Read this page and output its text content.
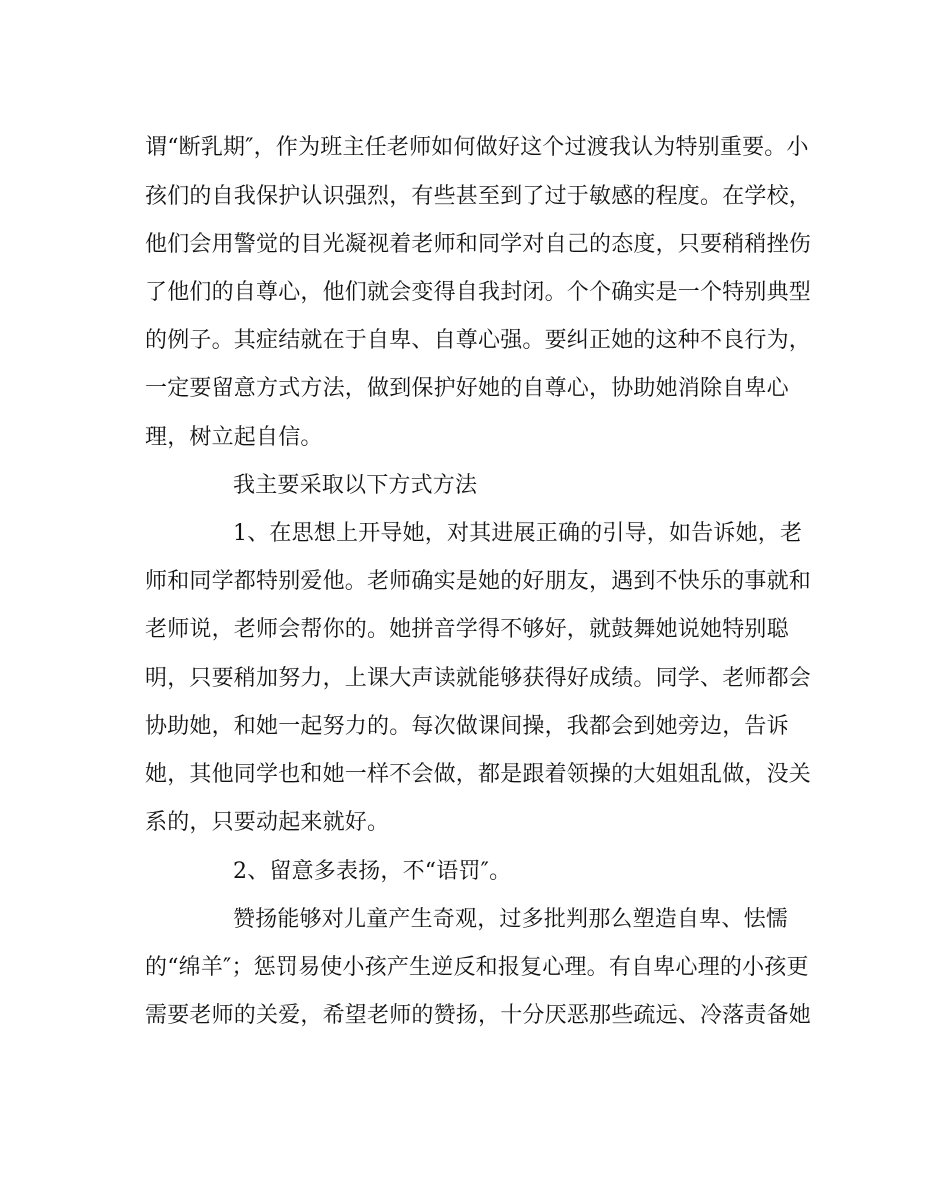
谓“断乳期″，作为班主任老师如何做好这个过渡我认为特别重要。小
孩们的自我保护认识强烈，有些甚至到了过于敏感的程度。在学校，
他们会用警觉的目光凝视着老师和同学对自己的态度，只要稍稍挫伤
了他们的自尊心，他们就会变得自我封闭。个个确实是一个特别典型
的例子。其症结就在于自卑、自尊心强。要纠正她的这种不良行为，
一定要留意方式方法，做到保护好她的自尊心，协助她消除自卑心
理，树立起自信。
我主要采取以下方式方法
1、在思想上开导她，对其进展正确的引导，如告诉她，老
师和同学都特别爱他。老师确实是她的好朋友，遇到不快乐的事就和
老师说，老师会帮你的。她拼音学得不够好，就鼓舞她说她特别聪
明，只要稍加努力，上课大声读就能够获得好成绩。同学、老师都会
协助她，和她一起努力的。每次做课间操，我都会到她旁边，告诉
她，其他同学也和她一样不会做，都是跟着领操的大姐姐乱做，没关
系的，只要动起来就好。
2、留意多表扬，不“语罚″。
赞扬能够对儿童产生奇观，过多批判那么塑造自卑、怯懦
的“绵羊″；惩罚易使小孩产生逆反和报复心理。有自卑心理的小孩更
需要老师的关爱，希望老师的赞扬，十分厌恶那些疏远、冷落责备她
